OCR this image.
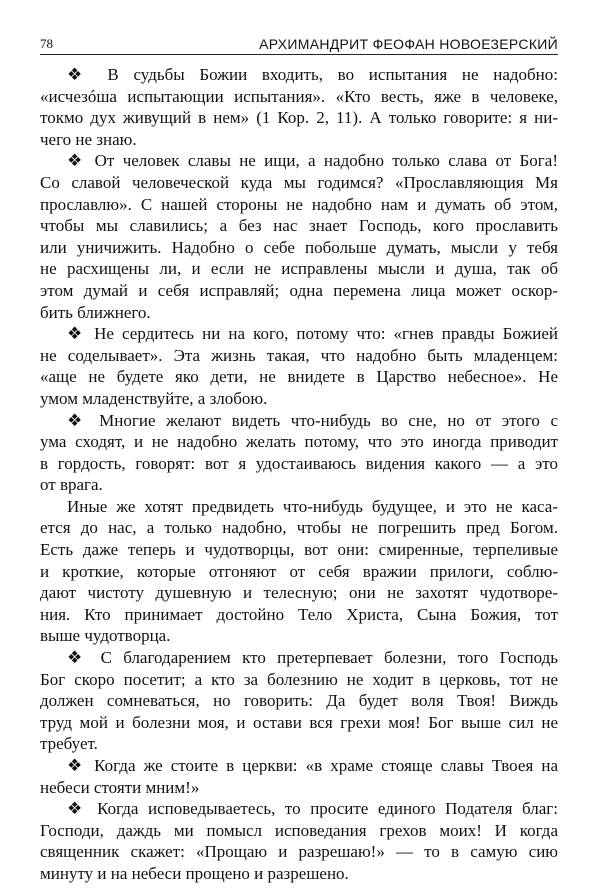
78	АРХИМАНДРИТ ФЕОФАН НОВОЕЗЕРСКИЙ
❖ В судьбы Божии входить, во испытания не надобно:
«исчезóша испытающии испытания». «Кто весть, яже в человеке,
токмо дух живущий в нем» (1 Кор. 2, 11). А только говорите: я ни-
чего не знаю.
❖ От человек славы не ищи, а надобно только слава от Бога!
Со славой человеческой куда мы годимся? «Прославляющия Мя
прославлю». С нашей стороны не надобно нам и думать об этом,
чтобы мы славились; а без нас знает Господь, кого прославить
или уничижить. Надобно о себе побольше думать, мысли у тебя
не расхищены ли, и если не исправлены мысли и душа, так об
этом думай и себя исправляй; одна перемена лица может оскор-
бить ближнего.
❖ Не сердитесь ни на кого, потому что: «гнев правды Божией
не соделывает». Эта жизнь такая, что надобно быть младенцем:
«аще не будете яко дети, не внидете в Царство небесное». Не
умом младенствуйте, а злобою.
❖ Многие желают видеть что-нибудь во сне, но от этого с
ума сходят, и не надобно желать потому, что это иногда приводит
в гордость, говорят: вот я удостаиваюсь видения какого — а это
от врага.
Иные же хотят предвидеть что-нибудь будущее, и это не каса-
ется до нас, а только надобно, чтобы не погрешить пред Богом.
Есть даже теперь и чудотворцы, вот они: смиренные, терпеливые
и кроткие, которые отгоняют от себя вражии прилоги, соблю-
дают чистоту душевную и телесную; они не захотят чудотворе-
ния. Кто принимает достойно Тело Христа, Сына Божия, тот
выше чудотворца.
❖ С благодарением кто претерпевает болезни, того Господь
Бог скоро посетит; а кто за болезнию не ходит в церковь, тот не
должен сомневаться, но говорить: Да будет воля Твоя! Виждь
труд мой и болезни моя, и остави вся грехи моя! Бог выше сил не
требует.
❖ Когда же стоите в церкви: «в храме стояще славы Твоея на
небеси стояти мним!»
❖ Когда исповедываетесь, то просите единого Подателя благ:
Господи, даждь ми помысл исповедания грехов моих! И когда
священник скажет: «Прощаю и разрешаю!» — то в самую сию
минуту и на небеси прощено и разрешено.
